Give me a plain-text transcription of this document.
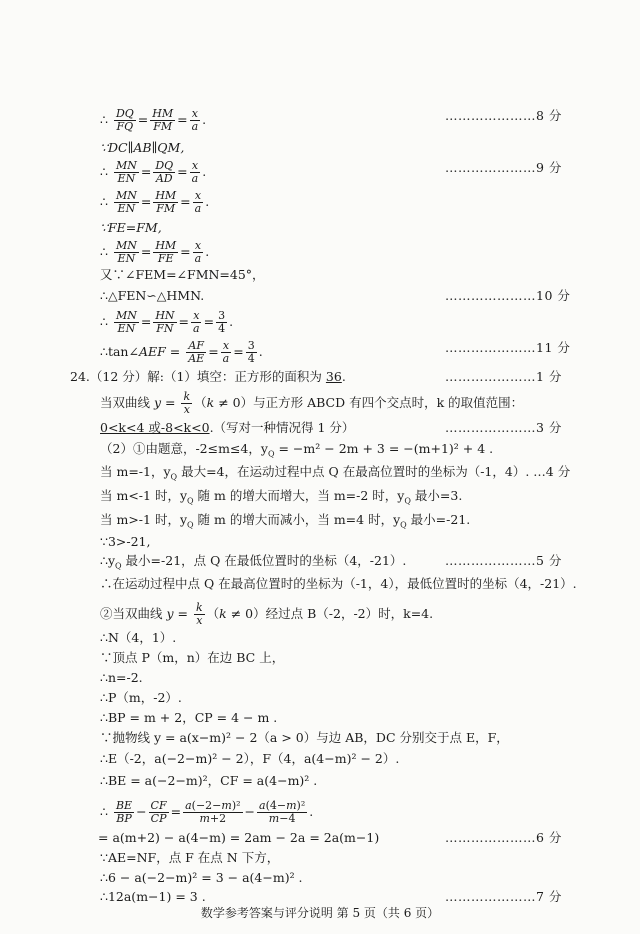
∴ $\frac{DQ}{FQ} = \frac{HM}{FM} = \frac{x}{a}$ .	…………………8 分
∵DC∥AB∥QM,
∴ $\frac{MN}{EN} = \frac{DQ}{AD} = \frac{x}{a}$ .	…………………9 分
∴ $\frac{MN}{EN} = \frac{HM}{FM} = \frac{x}{a}$ .
∵FE=FM,
∴ $\frac{MN}{EN} = \frac{HM}{FE} = \frac{x}{a}$ .
又∵∠FEM=∠FMN=45°，
∴△FEN∽△HMN.	…………………10 分
∴ $\frac{MN}{EN} = \frac{HN}{FN} = \frac{x}{a} = \frac{3}{4}$ .
∴tan∠AEF = $\frac{AF}{AE} = \frac{x}{a} = \frac{3}{4}$ .	…………………11 分
24.（12 分）解:（1）填空：正方形的面积为 36.	…………………1 分
当双曲线 $y = \frac{k}{x} (k \ne 0)$与正方形 ABCD 有四个交点时，k 的取值范围：
0<k<4 或-8<k<0.（写对一种情况得 1 分）	…………………3 分
（2）①由题意，-2≤m≤4，$y_Q = -m^2 - 2m + 3 = -(m+1)^2 + 4$ .
当 m=-1，$y_Q$ 最大=4，在运动过程中点 Q 在最高位置时的坐标为（-1，4）. …4 分
当 m<-1 时，$y_Q$ 随 m 的增大而增大，当 m=-2 时，$y_Q$ 最小=3.
当 m>-1 时，$y_Q$ 随 m 的增大而减小，当 m=4 时，$y_Q$ 最小=-21.
∵3>-21,
$\therefore y_Q$ 最小=-21，点 Q 在最低位置时的坐标（4，-21）.	…………………5 分
∴在运动过程中点 Q 在最高位置时的坐标为（-1，4），最低位置时的坐标（4，-21）.
②当双曲线 $y = \frac{k}{x} (k \ne 0)$经过点 B（-2，-2）时，k=4.
∴N（4，1）.
∵顶点 P（m，n）在边 BC 上，
∴n=-2.
∴P（m，-2）.
∴BP = m + 2，CP = 4 − m .
∵抛物线 y = a(x−m)² − 2（a > 0）与边 AB，DC 分别交于点 E，F，
∴E（-2，a(−2−m)² − 2），F（4，a(4−m)² − 2）.
∴BE = a(−2−m)²，CF = a(4−m)² .
∴ $\frac{BE}{BP} - \frac{CF}{CP} = \frac{\text{a(−2−m)²}}{m+2} - \frac{\text{a(4−m)²}}{m-4}$ .
= a(m+2) − a(4−m) = 2am − 2a = 2a(m−1)	…………………6 分
∵AE=NF，点 F 在点 N 下方，
∴6 − a(−2−m)² = 3 − a(4−m)² .
∴12a(m−1) = 3 .	…………………7 分
数学参考答案与评分说明 第 5 页（共 6 页）
